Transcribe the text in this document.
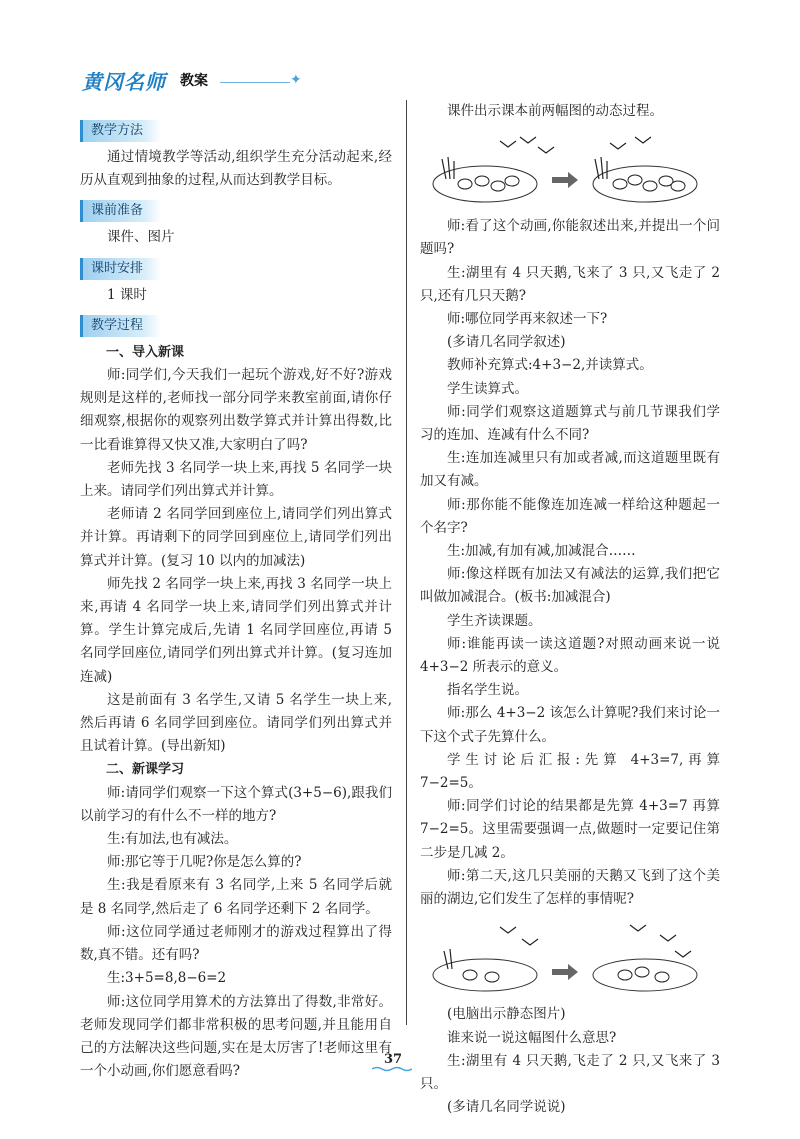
黄冈名师 教案	✦
教学方法

通过情境教学等活动,组织学生充分活动起来,经历从直观到抽象的过程,从而达到教学目标。

课前准备

课件、图片

课时安排

1 课时

教学过程

一、导入新课

师:同学们,今天我们一起玩个游戏,好不好?游戏规则是这样的,老师找一部分同学来教室前面,请你仔细观察,根据你的观察列出数学算式并计算出得数,比一比看谁算得又快又准,大家明白了吗?

老师先找 3 名同学一块上来,再找 5 名同学一块上来。请同学们列出算式并计算。

老师请 2 名同学回到座位上,请同学们列出算式并计算。再请剩下的同学回到座位上,请同学们列出算式并计算。(复习 10 以内的加减法)

师先找 2 名同学一块上来,再找 3 名同学一块上来,再请 4 名同学一块上来,请同学们列出算式并计算。学生计算完成后,先请 1 名同学回座位,再请 5 名同学回座位,请同学们列出算式并计算。(复习连加连减)

这是前面有 3 名学生,又请 5 名学生一块上来,然后再请 6 名同学回到座位。请同学们列出算式并且试着计算。(导出新知)

二、新课学习

师:请同学们观察一下这个算式(3+5−6),跟我们以前学习的有什么不一样的地方?

生:有加法,也有减法。

师:那它等于几呢?你是怎么算的?

生:我是看原来有 3 名同学,上来 5 名同学后就是 8 名同学,然后走了 6 名同学还剩下 2 名同学。

师:这位同学通过老师刚才的游戏过程算出了得数,真不错。还有吗?

生:3+5=8,8−6=2

师:这位同学用算术的方法算出了得数,非常好。老师发现同学们都非常积极的思考问题,并且能用自己的方法解决这些问题,实在是太厉害了!老师这里有一个小动画,你们愿意看吗?

课件出示课本前两幅图的动态过程。

师:看了这个动画,你能叙述出来,并提出一个问题吗?

生:湖里有 4 只天鹅,飞来了 3 只,又飞走了 2 只,还有几只天鹅?

师:哪位同学再来叙述一下?

(多请几名同学叙述)

教师补充算式:4+3−2,并读算式。

学生读算式。

师:同学们观察这道题算式与前几节课我们学习的连加、连减有什么不同?

生:连加连减里只有加或者减,而这道题里既有加又有减。

师:那你能不能像连加连减一样给这种题起一个名字?

生:加减,有加有减,加减混合……

师:像这样既有加法又有减法的运算,我们把它叫做加减混合。(板书:加减混合)

学生齐读课题。

师:谁能再读一读这道题?对照动画来说一说 4+3−2 所表示的意义。

指名学生说。

师:那么 4+3−2 该怎么计算呢?我们来讨论一下这个式子先算什么。

学生讨论后汇报:先算 4+3=7,再算 7−2=5。

师:同学们讨论的结果都是先算 4+3=7 再算 7−2=5。这里需要强调一点,做题时一定要记住第二步是几减 2。

师:第二天,这几只美丽的天鹅又飞到了这个美丽的湖边,它们发生了怎样的事情呢?

(电脑出示静态图片)

谁来说一说这幅图什么意思?

生:湖里有 4 只天鹅,飞走了 2 只,又飞来了 3 只。

(多请几名同学说说)

37
